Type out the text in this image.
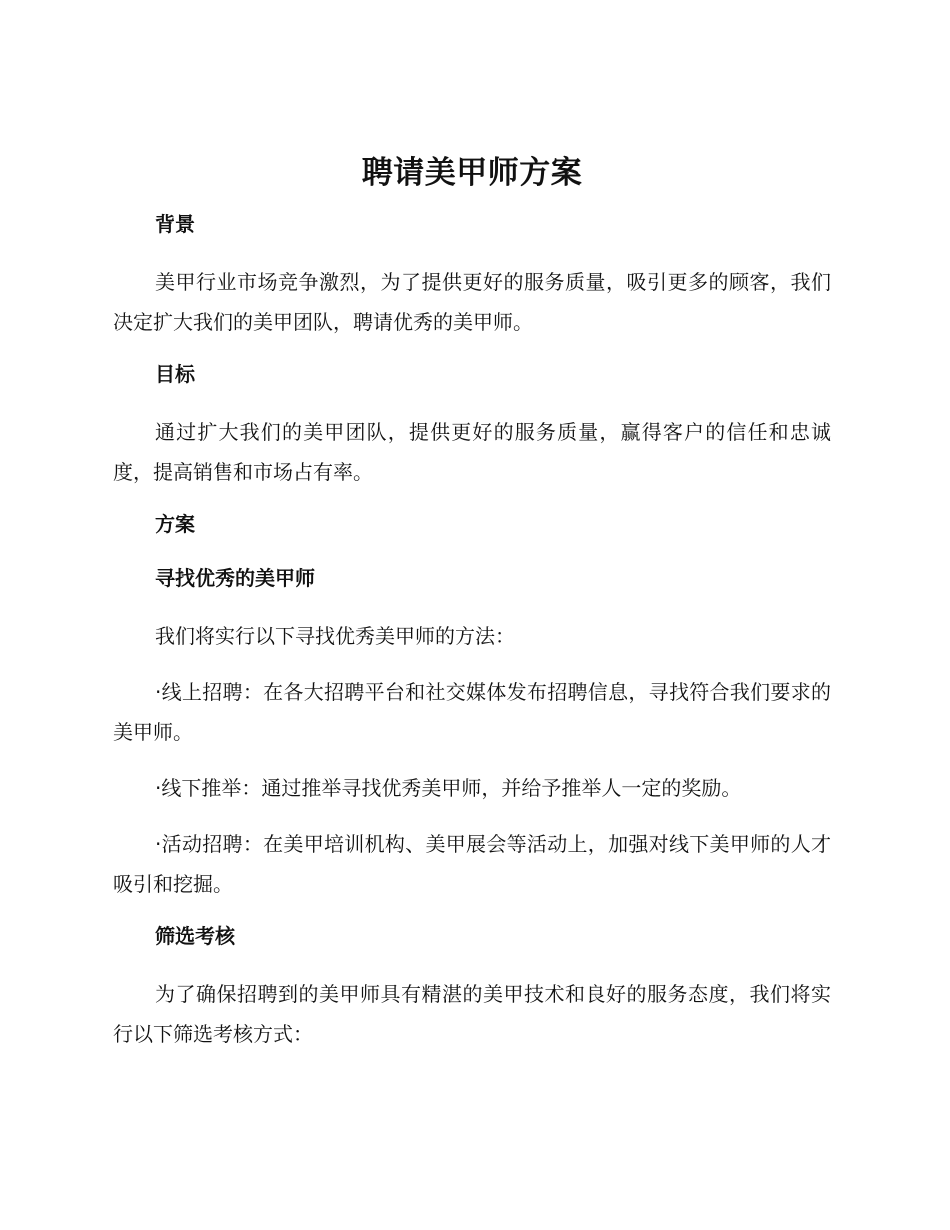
聘请美甲师方案
背景

美甲行业市场竞争激烈，为了提供更好的服务质量，吸引更多的顾客，我们决定扩大我们的美甲团队，聘请优秀的美甲师。

目标

通过扩大我们的美甲团队，提供更好的服务质量，赢得客户的信任和忠诚度，提高销售和市场占有率。

方案
寻找优秀的美甲师

我们将实行以下寻找优秀美甲师的方法：

·线上招聘：在各大招聘平台和社交媒体发布招聘信息，寻找符合我们要求的美甲师。

·线下推举：通过推举寻找优秀美甲师，并给予推举人一定的奖励。

·活动招聘：在美甲培训机构、美甲展会等活动上，加强对线下美甲师的人才吸引和挖掘。

筛选考核

为了确保招聘到的美甲师具有精湛的美甲技术和良好的服务态度，我们将实行以下筛选考核方式：
